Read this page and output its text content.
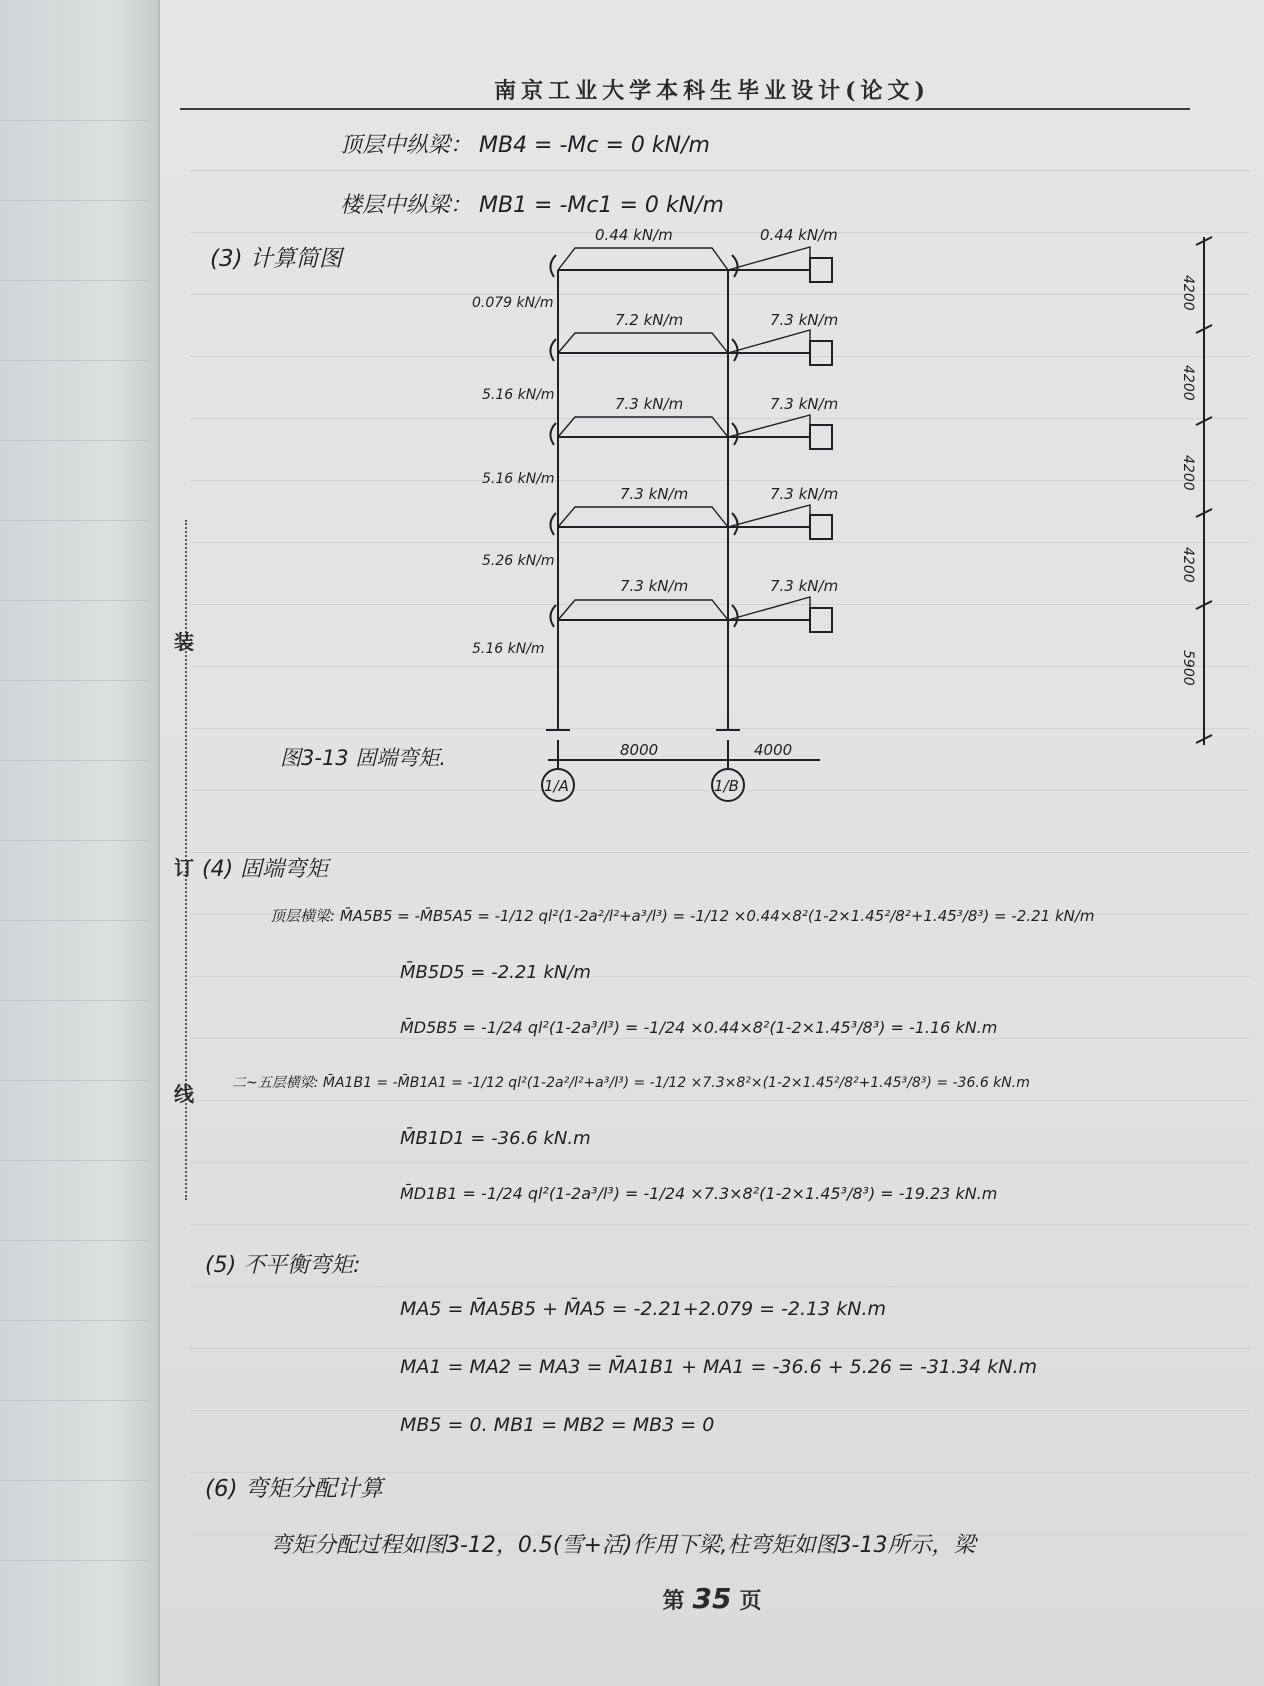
南京工业大学本科生毕业设计(论文)
顶层中纵梁： MB4 = -Mc = 0 kN/m
楼层中纵梁： MB1 = -Mc1 = 0 kN/m
(3) 计算简图
0.44 kN/m	0.44 kN/m
7.2 kN/m	7.3 kN/m
7.3 kN/m	7.3 kN/m
7.3 kN/m	7.3 kN/m
7.3 kN/m	7.3 kN/m
0.079 kN/m
5.16 kN/m
5.16 kN/m
5.26 kN/m
5.16 kN/m
8000	4000
1/A	1/B
4200
4200
4200
4200
5900
图3-13 固端弯矩.
(4) 固端弯矩
顶层横梁: M̄A5B5 = -M̄B5A5 = -1/12 ql²(1-2a²/l²+a³/l³) = -1/12 ×0.44×8²(1-2×1.45²/8²+1.45³/8³) = -2.21 kN/m
M̄B5D5 = -2.21 kN/m
M̄D5B5 = -1/24 ql²(1-2a³/l³) = -1/24 ×0.44×8²(1-2×1.45³/8³) = -1.16 kN.m
二~五层横梁: M̄A1B1 = -M̄B1A1 = -1/12 ql²(1-2a²/l²+a³/l³) = -1/12 ×7.3×8²×(1-2×1.45²/8²+1.45³/8³) = -36.6 kN.m
M̄B1D1 = -36.6 kN.m
M̄D1B1 = -1/24 ql²(1-2a³/l³) = -1/24 ×7.3×8²(1-2×1.45³/8³) = -19.23 kN.m
(5) 不平衡弯矩:
MA5 = M̄A5B5 + M̄A5 = -2.21+2.079 = -2.13 kN.m
MA1 = MA2 = MA3 = M̄A1B1 + MA1 = -36.6 + 5.26 = -31.34 kN.m
MB5 = 0. MB1 = MB2 = MB3 = 0
(6) 弯矩分配计算
弯矩分配过程如图3-12，0.5(雪+活)作用下梁,柱弯矩如图3-13所示，梁
第 35 页
装
订
线
